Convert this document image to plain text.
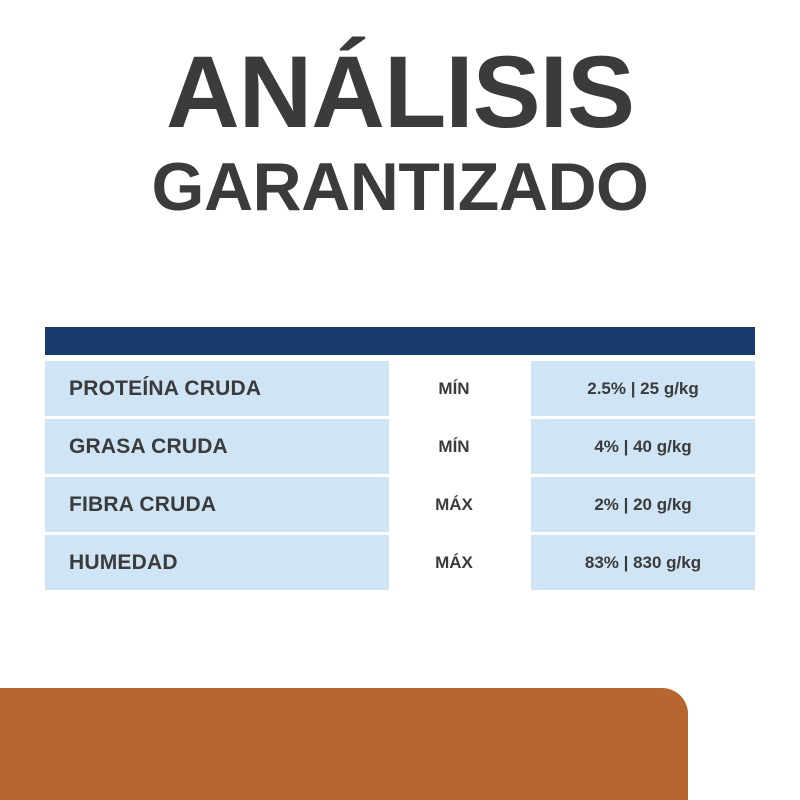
ANÁLISIS
GARANTIZADO
PROTEÍNA CRUDA	MÍN		2.5% | 25 g/kg
GRASA CRUDA	MÍN		4% | 40 g/kg
FIBRA CRUDA	MÁX		2% | 20 g/kg
HUMEDAD	MÁX		83% | 830 g/kg
